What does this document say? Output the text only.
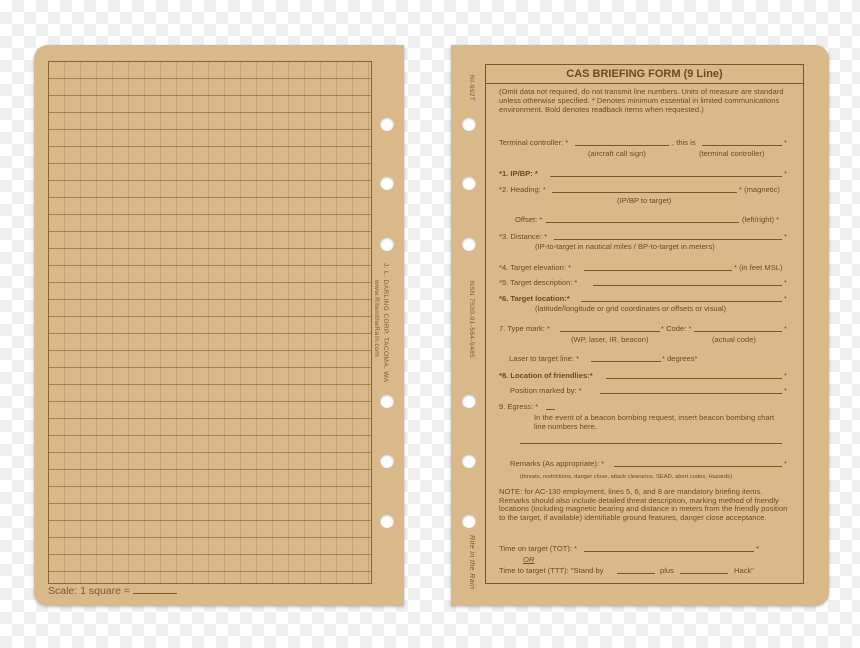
Scale: 1 square =
J. L. DARLING CORP. TACOMA, WA
www.RiteintheRain.com
NI-992T
NSN 7530-01-564-9485
Rite in the Rain
CAS BRIEFING FORM (9 Line)
(Omit data not required, do not transmit line numbers. Units of measure are standard unless otherwise specified. * Denotes minimum essential in limited communications environment. Bold denotes readback items when requested.)
Terminal controller: *	, this is	*
(aircraft call sign)	(terminal controller)
*1. IP/BP: *	*
*2. Heading: *	* (magnetic)
(IP/BP to target)
Offset: *	(left/right) *
*3. Distance: *	*
(IP-to-target in nautical miles / BP-to-target in meters)
*4. Target elevation: *	* (in feet MSL)
*5. Target description: *	*
*6. Target location:*	*
(latitude/longitude or grid coordinates or offsets or visual)
7. Type mark: *	* Code: *	*
(WP, laser, IR, beacon)	(actual code)
Laser to target line: *	* degrees*
*8. Location of friendlies:*	*
Position marked by: *	*
9. Egress: *
In the event of a beacon bombing request, insert beacon bombing chart line numbers here.
Remarks (As appropriate): *	*
(threats, restrictions, danger close, attack clearance, SEAD, abort codes, Hazards)
NOTE: for AC-130 employment, lines 5, 6, and 8 are mandatory briefing items. Remarks should also include detailed threat description, marking method of friendly locations (including magnetic bearing and distance in meters from the friendly position to the target, if available) identifiable ground features, danger close acceptance.
Time on target (TOT): *	*
OR
Time to target (TTT): "Stand by	plus	Hack"
